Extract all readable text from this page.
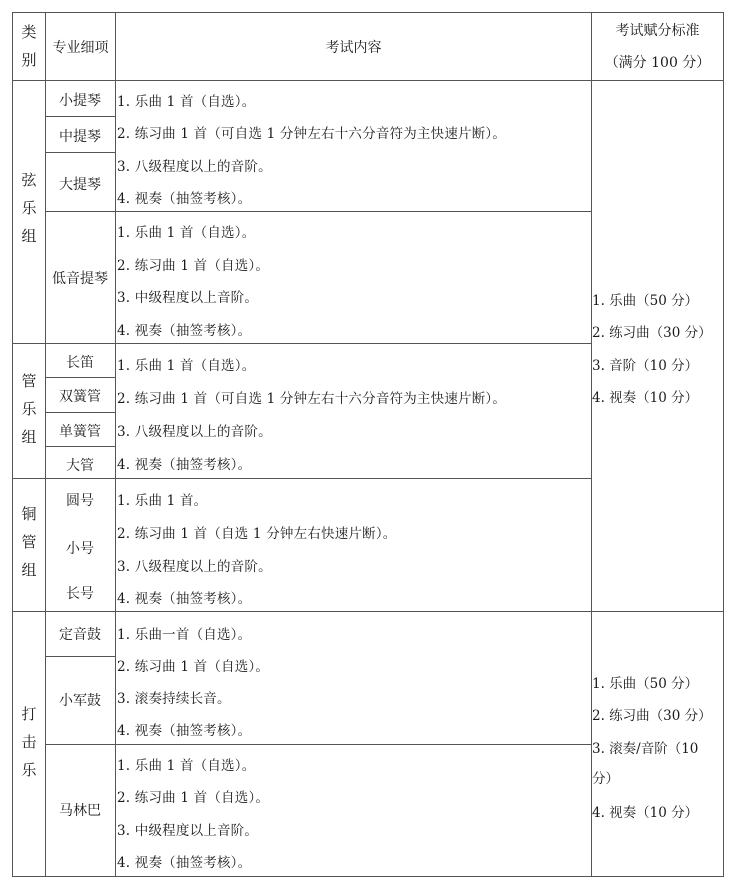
类别
专业细项	考试内容
考试赋分标准
（满分 100 分）
弦乐组
管乐组
铜管组
打击乐
小提琴
中提琴
大提琴
低音提琴
长笛
双簧管
单簧管
大管
圆号
小号
长号
定音鼓
小军鼓
马林巴
1. 乐曲 1 首（自选）。
2. 练习曲 1 首（可自选 1 分钟左右十六分音符为主快速片断）。
3. 八级程度以上的音阶。
4. 视奏（抽签考核）。
1. 乐曲 1 首（自选）。
2. 练习曲 1 首（自选）。
3. 中级程度以上音阶。
4. 视奏（抽签考核）。
1. 乐曲 1 首（自选）。
2. 练习曲 1 首（可自选 1 分钟左右十六分音符为主快速片断）。
3. 八级程度以上的音阶。
4. 视奏（抽签考核）。
1. 乐曲 1 首。
2. 练习曲 1 首（自选 1 分钟左右快速片断）。
3. 八级程度以上的音阶。
4. 视奏（抽签考核）。
1. 乐曲一首（自选）。
2. 练习曲 1 首（自选）。
3. 滚奏持续长音。
4. 视奏（抽签考核）。
1. 乐曲 1 首（自选）。
2. 练习曲 1 首（自选）。
3. 中级程度以上音阶。
4. 视奏（抽签考核）。
1. 乐曲（50 分）
2. 练习曲（30 分）
3. 音阶（10 分）
4. 视奏（10 分）
1. 乐曲（50 分）
2. 练习曲（30 分）
3. 滚奏/音阶（10
分）
4. 视奏（10 分）
